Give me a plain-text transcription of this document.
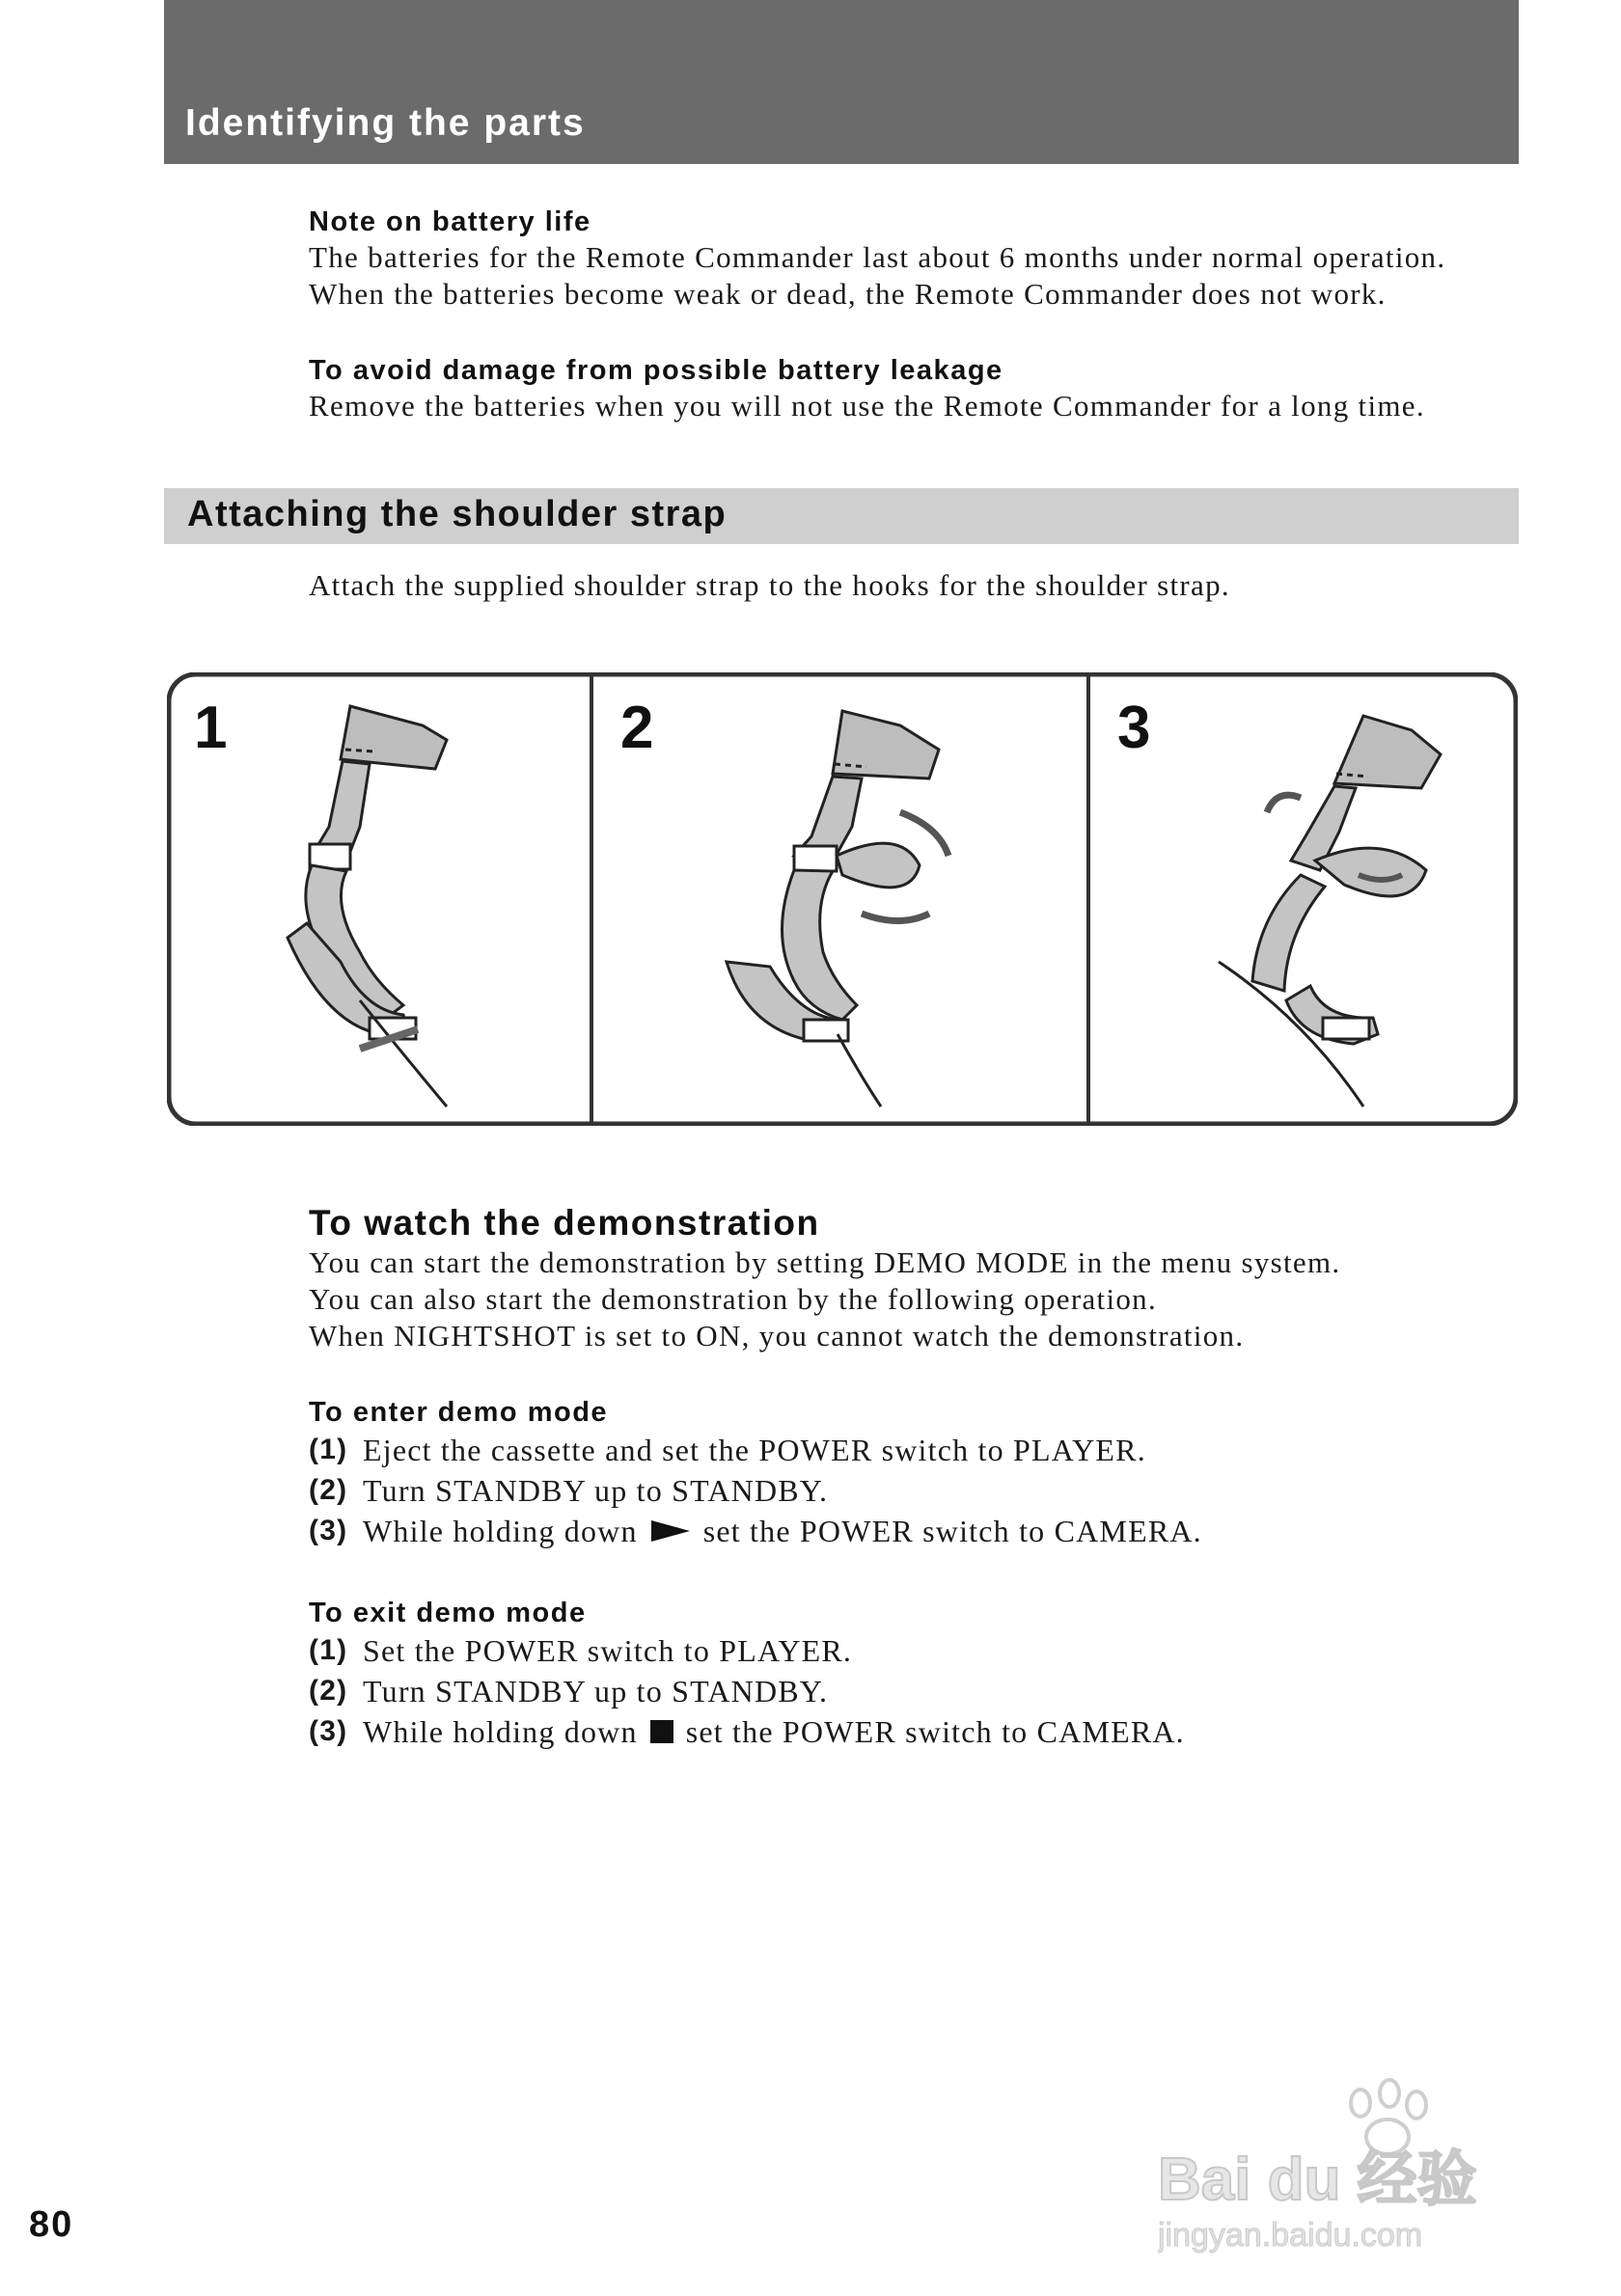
Identifying the parts

Note on battery life

The batteries for the Remote Commander last about 6 months under normal operation.

When the batteries become weak or dead, the Remote Commander does not work.

To avoid damage from possible battery leakage

Remove the batteries when you will not use the Remote Commander for a long time.

Attaching the shoulder strap

Attach the supplied shoulder strap to the hooks for the shoulder strap.

1	2	3

To watch the demonstration

You can start the demonstration by setting DEMO MODE in the menu system.

You can also start the demonstration by the following operation.

When NIGHTSHOT is set to ON, you cannot watch the demonstration.

To enter demo mode

(1) Eject the cassette and set the POWER switch to PLAYER.
(2) Turn STANDBY up to STANDBY.
(3) While holding down set the POWER switch to CAMERA.

To exit demo mode

(1) Set the POWER switch to PLAYER.
(2) Turn STANDBY up to STANDBY.
(3) While holding down set the POWER switch to CAMERA.
80
Bai du 经验
jingyan.baidu.com
